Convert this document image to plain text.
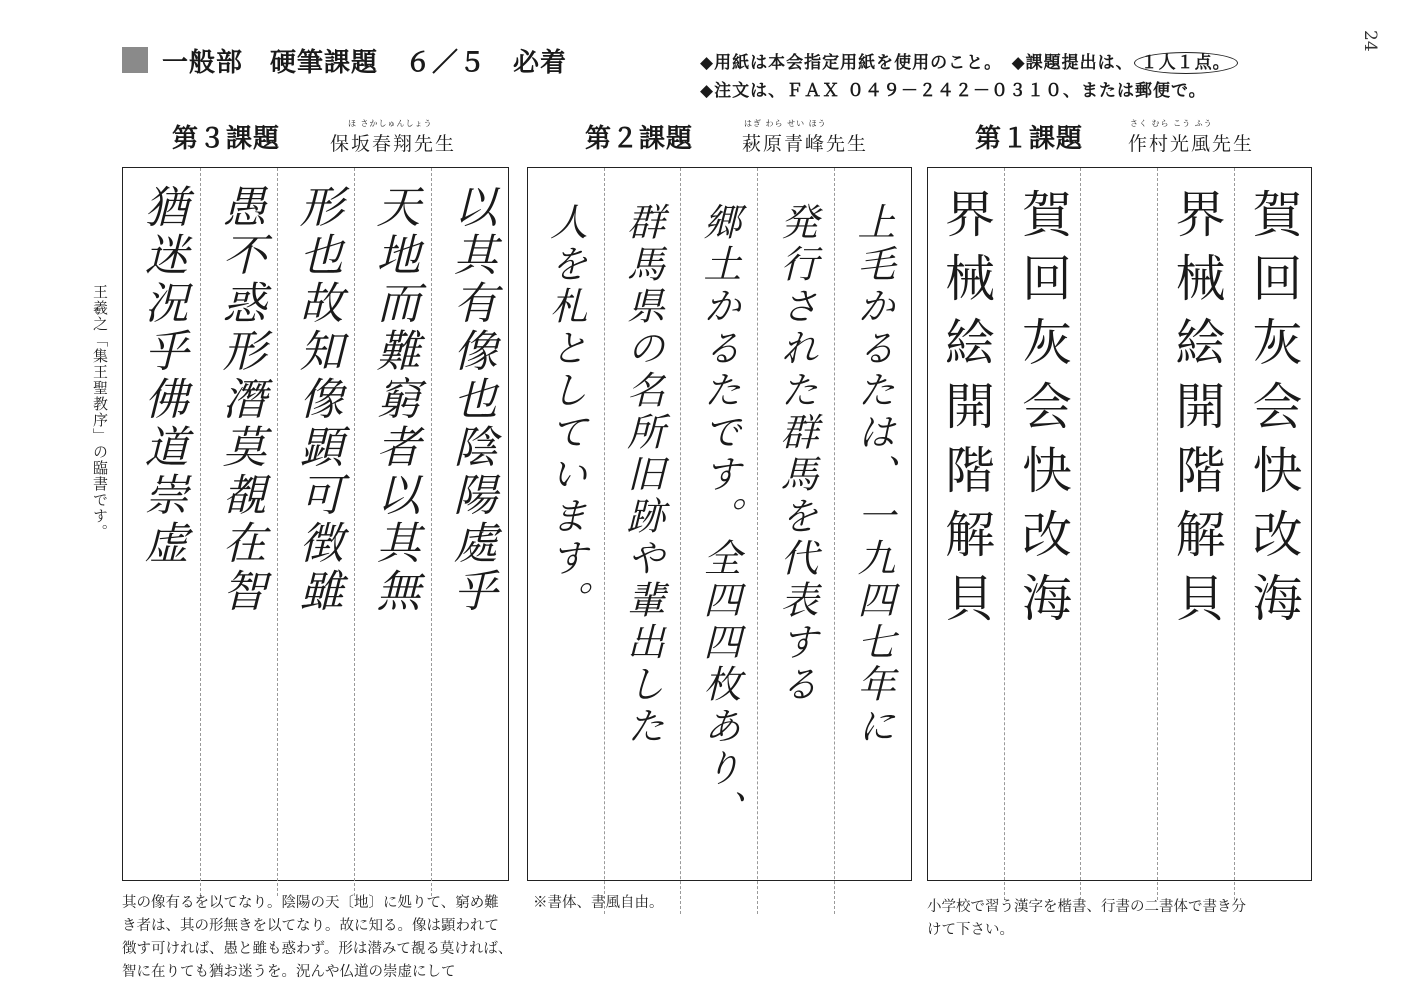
一般部　硬筆課題　６／５　必着	◆用紙は本会指定用紙を使用のこと。　◆課題提出は、 １人１点。
◆注文は、ＦＡＸ ０４９－２４２－０３１０、または郵便で。
24
第３課題
ほ さかしゅんしょう
保坂春翔先生	第２課題
はぎ わら せい ほう
萩原青峰先生	第１課題
さく むら こう ふう
作村光風先生
猶迷況乎佛道崇虚 愚不惑形潛莫覩在智 形也故知像顕可徴雖 天地而難窮者以其無 以其有像也陰陽處乎
王羲之「集王聖教序」の臨書です。	人を札としています。 群馬県の名所旧跡や輩出した 郷土かるたです。全四四枚あり、 発行された群馬を代表する 上毛かるたは、一九四七年に 界械絵開階解貝 賀回灰会快改海 界械絵開階解貝 賀回灰会快改海
其の像有るを以てなり。陰陽の天〔地〕に処りて、窮め難
き者は、其の形無きを以てなり。故に知る。像は顕われて
徴す可ければ、愚と雖も惑わず。形は潜みて覩る莫ければ、
智に在りても猶お迷うを。況んや仏道の崇虚にして
※書体、書風自由。	小学校で習う漢字を楷書、行書の二書体で書き分
けて下さい。
